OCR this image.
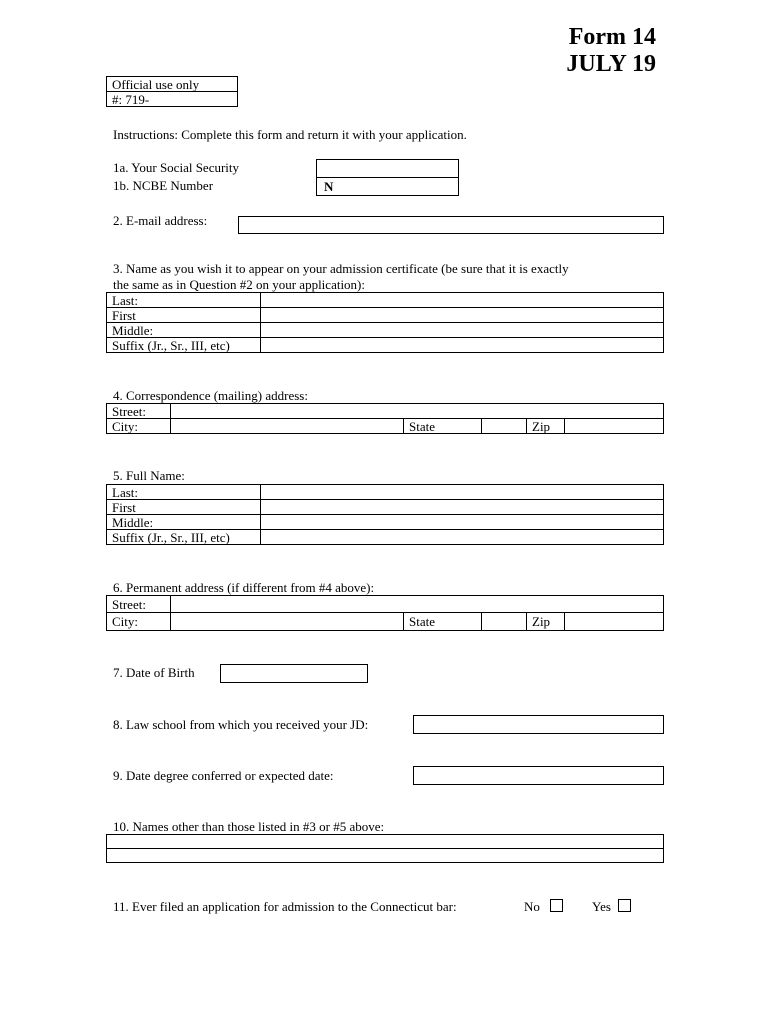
Form 14
JULY 19
Official use only
#: 719-
Instructions: Complete this form and return it with your application.
1a. Your Social Security
1b. NCBE Number	N
2. E-mail address:
3. Name as you wish it to appear on your admission certificate (be sure that it is exactly
the same as in Question #2 on your application):
Last:	
First	
Middle:	
Suffix (Jr., Sr., III, etc)	
4. Correspondence (mailing) address:
Street:					
City:		State		Zip	
5. Full Name:
Last:	
First	
Middle:	
Suffix (Jr., Sr., III, etc)	
6. Permanent address (if different from #4 above):
Street:					
City:		State		Zip	
7. Date of Birth
8. Law school from which you received your JD:
9. Date degree conferred or expected date:
10. Names other than those listed in #3 or #5 above:

11. Ever filed an application for admission to the Connecticut bar:	No	Yes
